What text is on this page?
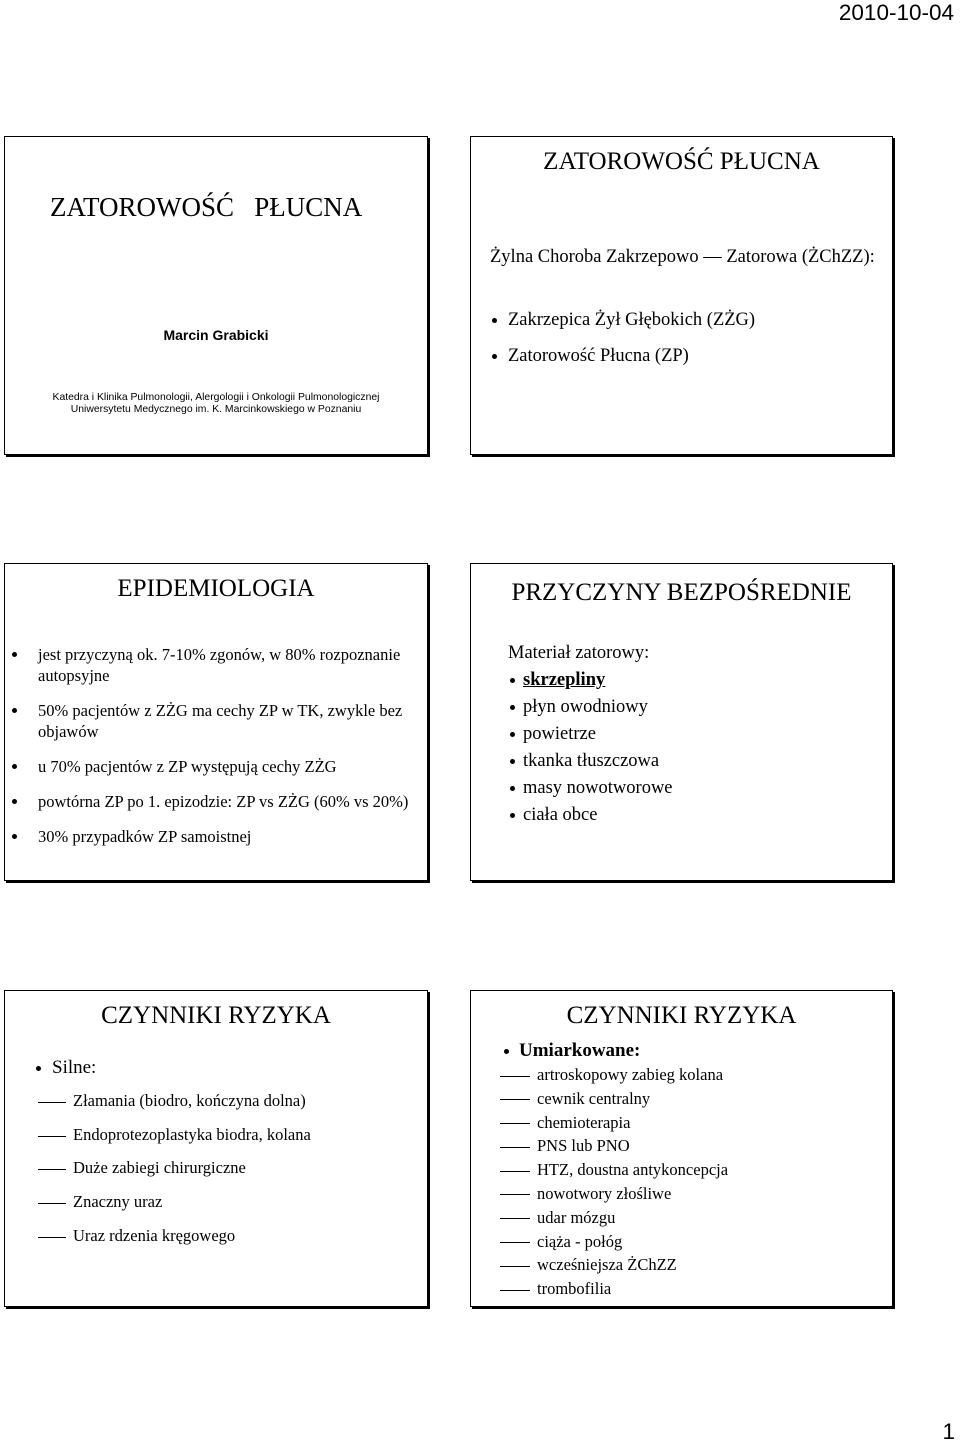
2010-10-04
ZATOROWOŚĆ   PŁUCNA
Marcin Grabicki
Katedra i Klinika Pulmonologii, Alergologii i Onkologii Pulmonologicznej
Uniwersytetu Medycznego im. K. Marcinkowskiego w Poznaniu
ZATOROWOŚĆ PŁUCNA
Żylna Choroba Zakrzepowo — Zatorowa (ŻChZZ):
Zakrzepica Żył Głębokich (ZŻG)
Zatorowość Płucna (ZP)
EPIDEMIOLOGIA
jest przyczyną ok. 7-10% zgonów, w 80% rozpoznanie autopsyjne
50% pacjentów z ZŻG ma cechy ZP w TK, zwykle bez objawów
u 70% pacjentów z ZP występują cechy ZŻG
powtórna ZP po 1. epizodzie: ZP vs ZŻG (60% vs 20%)
30% przypadków ZP samoistnej
PRZYCZYNY BEZPOŚREDNIE
Materiał zatorowy:
skrzepliny
płyn owodniowy
powietrze
tkanka tłuszczowa
masy nowotworowe
ciała obce
CZYNNIKI RYZYKA
Silne:
Złamania (biodro, kończyna dolna)
Endoprotezoplastyka biodra, kolana
Duże zabiegi chirurgiczne
Znaczny uraz
Uraz rdzenia kręgowego
CZYNNIKI RYZYKA
Umiarkowane:
artroskopowy zabieg kolana
cewnik centralny
chemioterapia
PNS lub PNO
HTZ, doustna antykoncepcja
nowotwory złośliwe
udar mózgu
ciąża - połóg
wcześniejsza ŻChZZ
trombofilia
1
